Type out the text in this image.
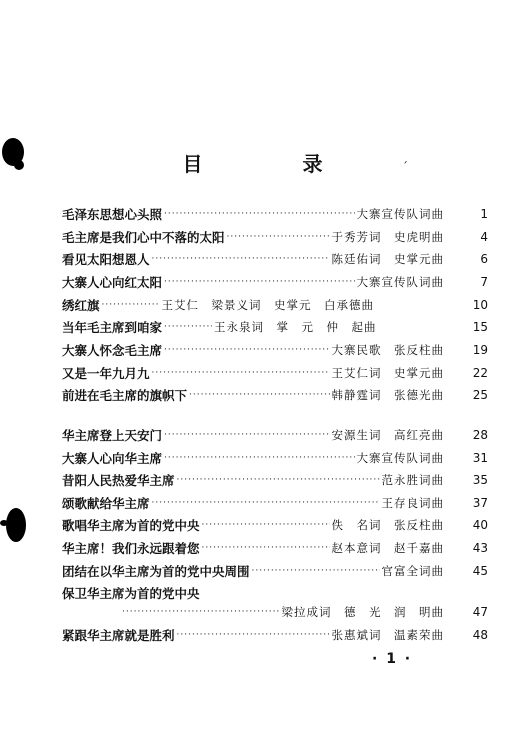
目　录	ˊ
毛泽东思想心头照 ·····	大寨宣传队词曲	1
毛主席是我们心中不落的太阳 ·····	于秀芳词　史虎明曲	4
看见太阳想恩人 ·····	陈廷佑词　史掌元曲	6
大寨人心向红太阳 ·····	大寨宣传队词曲	7
绣红旗 ·····	王艾仁　梁景义词　史掌元　白承德曲	10
当年毛主席到咱家 ·····	王永泉词　掌　元　仲　起曲	15
大寨人怀念毛主席 ·····	大寨民歌　张反柱曲	19
又是一年九月九 ·····	王艾仁词　史掌元曲	22
前进在毛主席的旗帜下 ·····	韩静霆词　张德光曲	25
华主席登上天安门 ·····	安源生词　高红亮曲	28
大寨人心向华主席 ·····	大寨宣传队词曲	31
昔阳人民热爱华主席 ·····	范永胜词曲	35
颂歌献给华主席 ·····	王存良词曲	37
歌唱华主席为首的党中央 ·····	佚　名词　张反柱曲	40
华主席！我们永远跟着您 ·····	赵本意词　赵千嘉曲	43
团结在以华主席为首的党中央周围 ·····	官富全词曲	45
保卫华主席为首的党中央
·····
梁拉成词　德　光　润　明曲	47
紧跟华主席就是胜利 ·····	张惠斌词　温素荣曲	48
· 1 ·
